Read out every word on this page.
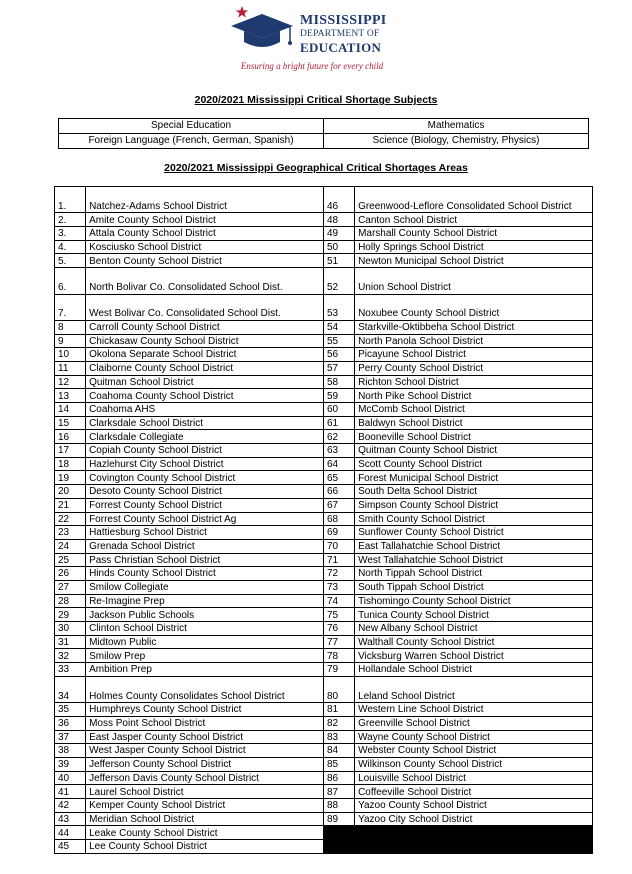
MISSISSIPPI
DEPARTMENT OF
EDUCATION
Ensuring a bright future for every child
2020/2021 Mississippi Critical Shortage Subjects
Special Education	Mathematics
Foreign Language (French, German, Spanish)	Science (Biology, Chemistry, Physics)
2020/2021 Mississippi Geographical Critical Shortages Areas
1.	Natchez-Adams School District	46	Greenwood-Leflore Consolidated School District
2.	Amite County School District	48	Canton School District
3.	Attala County School District	49	Marshall County School District
4.	Kosciusko School District	50	Holly Springs School District
5.	Benton County School District	51	Newton Municipal School District
6.	North Bolivar Co. Consolidated School Dist.	52	Union School District
7.	West Bolivar Co. Consolidated School Dist.	53	Noxubee County School District
8	Carroll County School District	54	Starkville-Oktibbeha School District
9	Chickasaw County School District	55	North Panola School District
10	Okolona Separate School District	56	Picayune School District
11	Claiborne County School District	57	Perry County School District
12	Quitman School District	58	Richton School District
13	Coahoma County School District	59	North Pike School District
14	Coahoma AHS	60	McComb School District
15	Clarksdale School District	61	Baldwyn School District
16	Clarksdale Collegiate	62	Booneville School District
17	Copiah County School District	63	Quitman County School District
18	Hazlehurst City School District	64	Scott County School District
19	Covington County School District	65	Forest Municipal School District
20	Desoto County School District	66	South Delta School District
21	Forrest County School District	67	Simpson County School District
22	Forrest County School District Ag	68	Smith County School District
23	Hattiesburg School District	69	Sunflower County School District
24	Grenada School District	70	East Tallahatchie School District
25	Pass Christian School District	71	West Tallahatchie School District
26	Hinds County School District	72	North Tippah School District
27	Smilow Collegiate	73	South Tippah School District
28	Re-Imagine Prep	74	Tishomingo County School District
29	Jackson Public Schools	75	Tunica County School District
30	Clinton School District	76	New Albany School District
31	Midtown Public	77	Walthall County School District
32	Smilow Prep	78	Vicksburg Warren School District
33	Ambition Prep	79	Hollandale School District
34	Holmes County Consolidates School District	80	Leland School District
35	Humphreys County School District	81	Western Line School District
36	Moss Point School District	82	Greenville School District
37	East Jasper County School District	83	Wayne County School District
38	West Jasper County School District	84	Webster County School District
39	Jefferson County School District	85	Wilkinson County School District
40	Jefferson Davis County School District	86	Louisville School District
41	Laurel School District	87	Coffeeville School District
42	Kemper County School District	88	Yazoo County School District
43	Meridian School District	89	Yazoo City School District
44	Leake County School District		
45	Lee County School District		
